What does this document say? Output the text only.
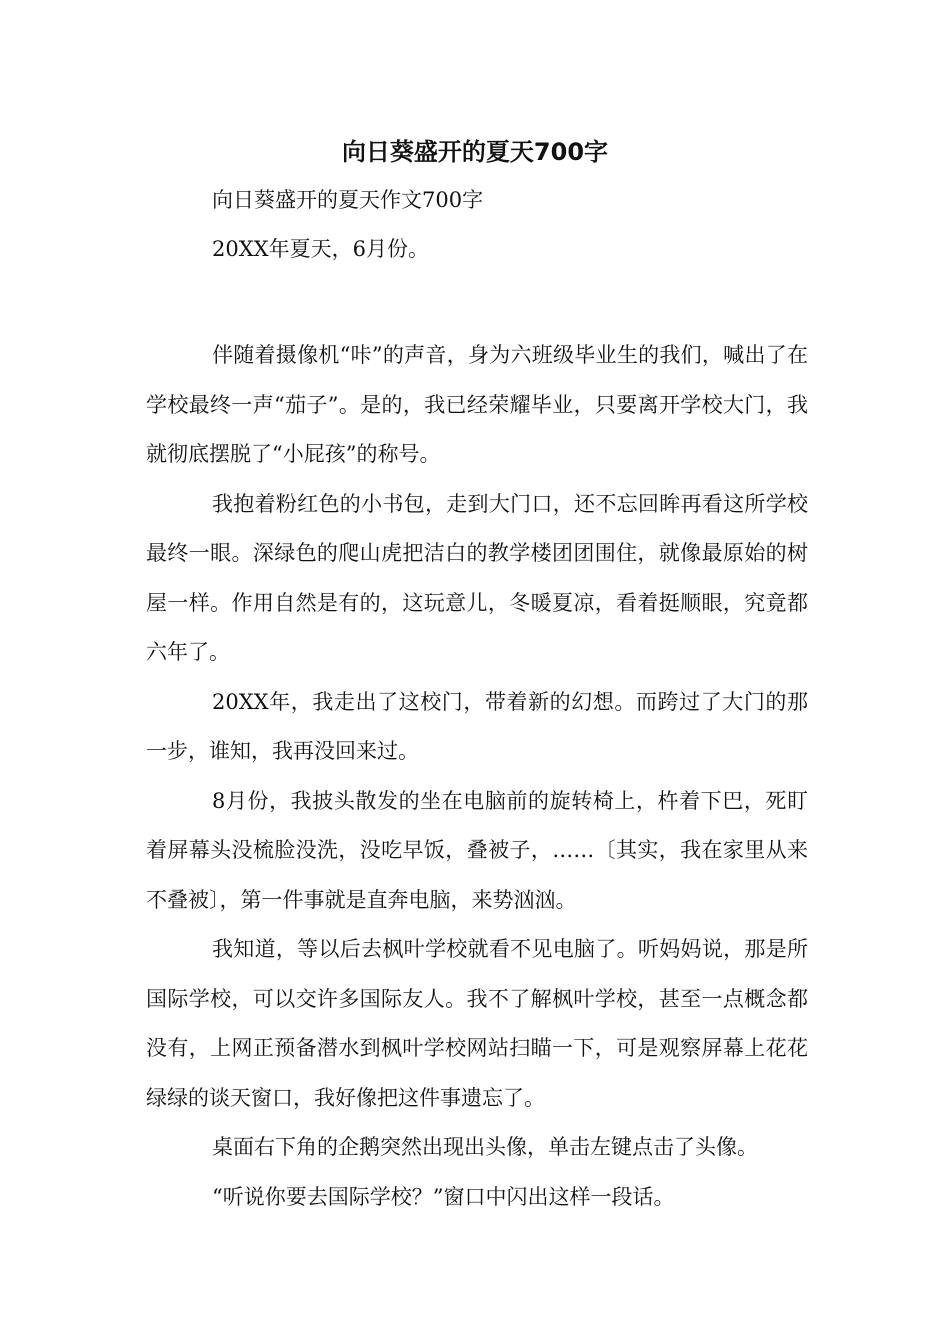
向日葵盛开的夏天700字
向日葵盛开的夏天作文700字
20XX年夏天，6月份。

伴随着摄像机“咔”的声音，身为六班级毕业生的我们，喊出了在学校最终一声“茄子”。是的，我已经荣耀毕业，只要离开学校大门，我就彻底摆脱了“小屁孩”的称号。

我抱着粉红色的小书包，走到大门口，还不忘回眸再看这所学校最终一眼。深绿色的爬山虎把洁白的教学楼团团围住，就像最原始的树屋一样。作用自然是有的，这玩意儿，冬暖夏凉，看着挺顺眼，究竟都六年了。

20XX年，我走出了这校门，带着新的幻想。而跨过了大门的那一步，谁知，我再没回来过。

8月份，我披头散发的坐在电脑前的旋转椅上，杵着下巴，死盯着屏幕头没梳脸没洗，没吃早饭，叠被子，……〔其实，我在家里从来不叠被〕，第一件事就是直奔电脑，来势汹汹。

我知道，等以后去枫叶学校就看不见电脑了。听妈妈说，那是所国际学校，可以交许多国际友人。我不了解枫叶学校，甚至一点概念都没有，上网正预备潜水到枫叶学校网站扫瞄一下，可是观察屏幕上花花绿绿的谈天窗口，我好像把这件事遗忘了。

桌面右下角的企鹅突然出现出头像，单击左键点击了头像。

“听说你要去国际学校？”窗口中闪出这样一段话。
